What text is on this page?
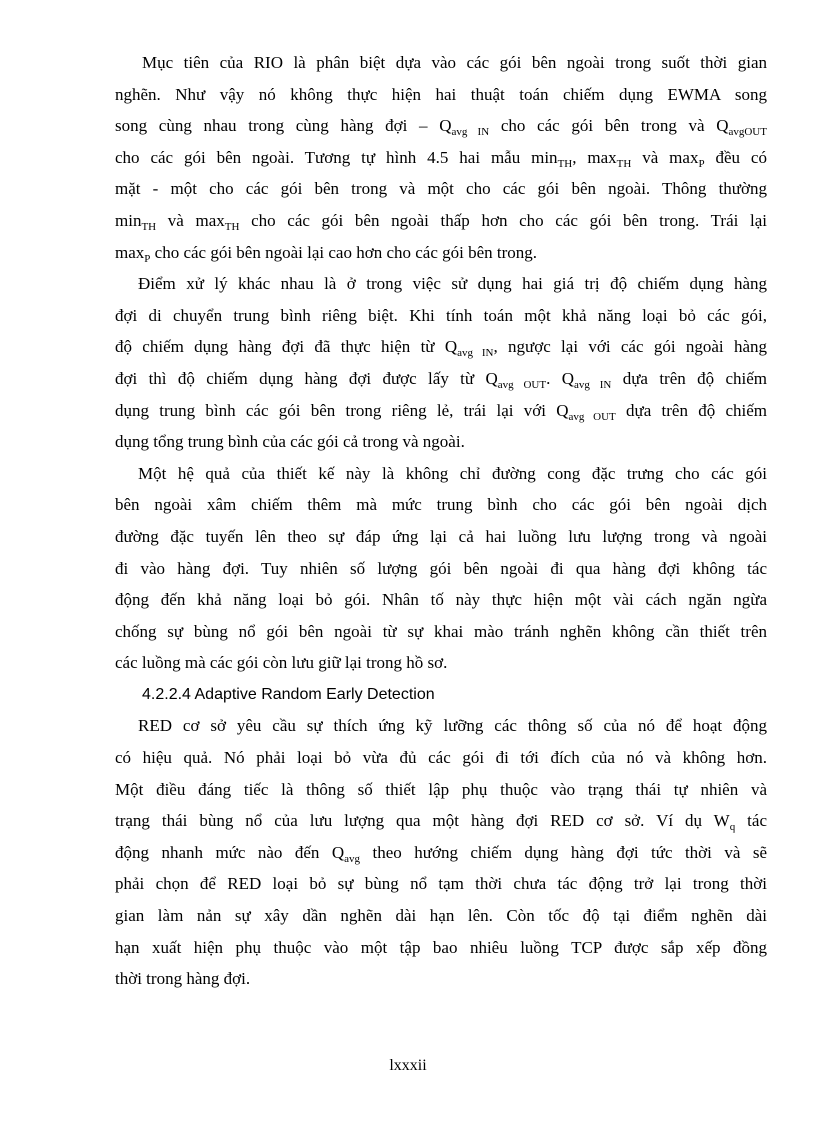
Mục tiên của RIO là phân biệt dựa vào các gói bên ngoài trong suốt thời gian

nghẽn. Như vậy nó không thực hiện hai thuật toán chiếm dụng EWMA song

song cùng nhau trong cùng hàng đợi – $Q_{avg IN}$ cho các gói bên trong và $Q_{avgOUT}$

cho các gói bên ngoài. Tương tự hình 4.5 hai mẫu $\min_{TH}$, $\max_{TH}$ và $\max_P$ đều có

mặt - một cho các gói bên trong và một cho các gói bên ngoài. Thông thường

$\min_{TH}$ và $\max_{TH}$ cho các gói bên ngoài thấp hơn cho các gói bên trong. Trái lại

$\max_P$ cho các gói bên ngoài lại cao hơn cho các gói bên trong.

Điểm xử lý khác nhau là ở trong việc sử dụng hai giá trị độ chiếm dụng hàng

đợi di chuyển trung bình riêng biệt. Khi tính toán một khả năng loại bỏ các gói,

độ chiếm dụng hàng đợi đã thực hiện từ $Q_{avg IN}$, ngược lại với các gói ngoài hàng

đợi thì độ chiếm dụng hàng đợi được lấy từ $Q_{avg OUT}$. $Q_{avg IN}$ dựa trên độ chiếm

dụng trung bình các gói bên trong riêng lẻ, trái lại với $Q_{avg OUT}$ dựa trên độ chiếm

dụng tổng trung bình của các gói cả trong và ngoài.

Một hệ quả của thiết kế này là không chỉ đường cong đặc trưng cho các gói

bên ngoài xâm chiếm thêm mà mức trung bình cho các gói bên ngoài dịch

đường đặc tuyến lên theo sự đáp ứng lại cả hai luồng lưu lượng trong và ngoài

đi vào hàng đợi. Tuy nhiên số lượng gói bên ngoài đi qua hàng đợi không tác

động đến khả năng loại bỏ gói. Nhân tố này thực hiện một vài cách ngăn ngừa

chống sự bùng nổ gói bên ngoài từ sự khai mào tránh nghẽn không cần thiết trên

các luồng mà các gói còn lưu giữ lại trong hồ sơ.

4.2.2.4 Adaptive Random Early Detection

RED cơ sở yêu cầu sự thích ứng kỹ lưỡng các thông số của nó để hoạt động

có hiệu quả. Nó phải loại bỏ vừa đủ các gói đi tới đích của nó và không hơn.

Một điều đáng tiếc là thông số thiết lập phụ thuộc vào trạng thái tự nhiên và

trạng thái bùng nổ của lưu lượng qua một hàng đợi RED cơ sở. Ví dụ $W_q$ tác

động nhanh mức nào đến $Q_{avg}$ theo hướng chiếm dụng hàng đợi tức thời và sẽ

phải chọn để RED loại bỏ sự bùng nổ tạm thời chưa tác động trở lại trong thời

gian làm nản sự xây dần nghẽn dài hạn lên. Còn tốc độ tại điểm nghẽn dài

hạn xuất hiện phụ thuộc vào một tập bao nhiêu luồng TCP được sắp xếp đồng

thời trong hàng đợi.

lxxxii
